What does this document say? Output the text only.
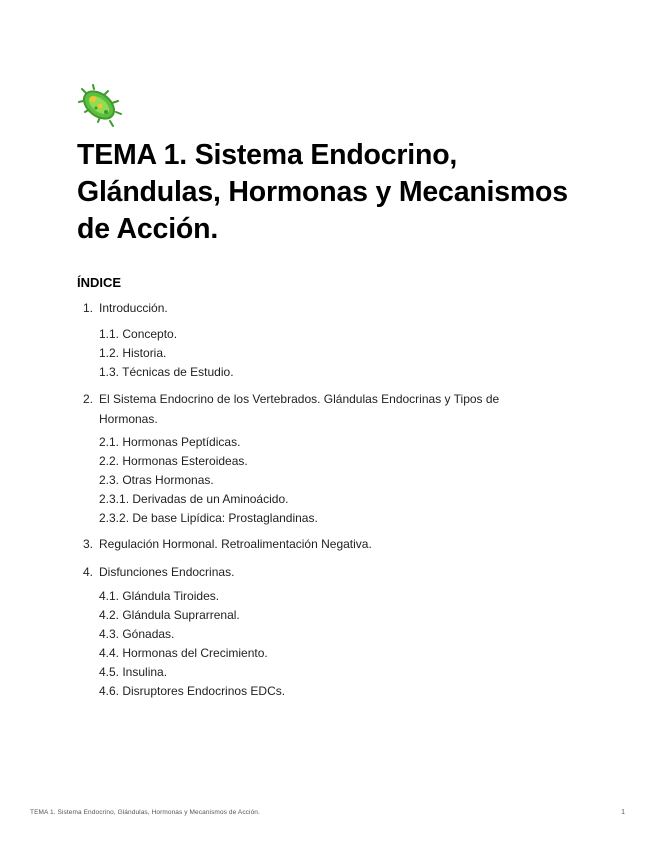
TEMA 1. Sistema Endocrino, Glándulas, Hormonas y Mecanismos de Acción.
ÍNDICE
1. Introducción.
1.1. Concepto.
1.2. Historia.
1.3. Técnicas de Estudio.
2. El Sistema Endocrino de los Vertebrados. Glándulas Endocrinas y Tipos de Hormonas.
2.1. Hormonas Peptídicas.
2.2. Hormonas Esteroideas.
2.3. Otras Hormonas.
2.3.1. Derivadas de un Aminoácido.
2.3.2. De base Lipídica: Prostaglandinas.
3. Regulación Hormonal. Retroalimentación Negativa.
4. Disfunciones Endocrinas.
4.1. Glándula Tiroides.
4.2. Glándula Suprarrenal.
4.3. Gónadas.
4.4. Hormonas del Crecimiento.
4.5. Insulina.
4.6. Disruptores Endocrinos EDCs.
TEMA 1. Sistema Endocrino, Glándulas, Hormonas y Mecanismos de Acción.	1
